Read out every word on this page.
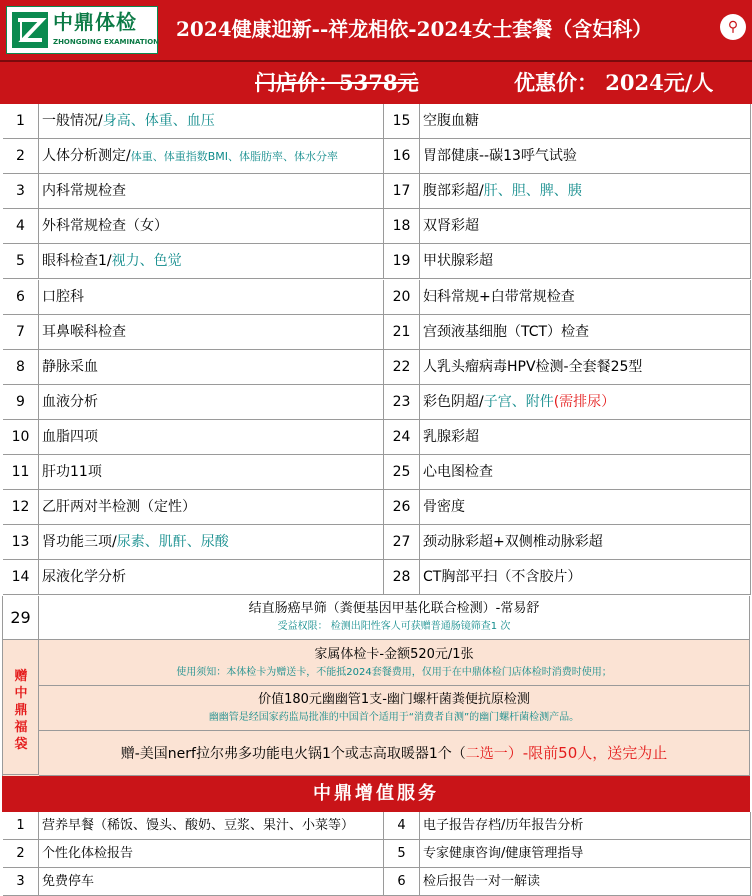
中鼎体检
ZHONGDING EXAMINATION
2024健康迎新--祥龙相依-2024女士套餐（含妇科）	⚲
门店价：5378元	优惠价： 2024元/人
1	一般情况/身高、体重、血压	15 空腹血糖
2	人体分析测定/体重、体重指数BMI、体脂肪率、体水分率	16 胃部健康--碳13呼气试验
3	内科常规检查	17 腹部彩超/肝、胆、脾、胰
4	外科常规检查（女）	18 双肾彩超
5	眼科检查1/视力、色觉	19 甲状腺彩超
6	口腔科	20 妇科常规+白带常规检查
7	耳鼻喉科检查	21 宫颈液基细胞（TCT）检查
8	静脉采血	22 人乳头瘤病毒HPV检测-全套餐25型
9	血液分析	23 彩色阴超/子宫、附件(需排尿）
10 血脂四项	24 乳腺彩超
11 肝功11项	25 心电图检查
12 乙肝两对半检测（定性）	26 骨密度
13 肾功能三项/尿素、肌酐、尿酸	27 颈动脉彩超+双侧椎动脉彩超
14 尿液化学分析	28 CT胸部平扫（不含胶片）
29	结直肠癌早筛（粪便基因甲基化联合检测）-常易舒
受益权限： 检测出阳性客人可获赠普通肠镜筛查1 次
赠中鼎福袋
家属体检卡-金额520元/1张
使用须知：本体检卡为赠送卡，不能抵2024套餐费用，仅用于在中鼎体检门店体检时消费时使用；
价值180元幽幽管1支-幽门螺杆菌粪便抗原检测
幽幽管是经国家药监局批准的中国首个适用于“消费者自测”的幽门螺杆菌检测产品。
赠-美国nerf拉尔弗多功能电火锅1个或志高取暖器1个（二选一）-限前50人，送完为止
中鼎增值服务
1	营养早餐（稀饭、馒头、酸奶、豆浆、果汁、小菜等）	4	电子报告存档/历年报告分析
2	个性化体检报告	5	专家健康咨询/健康管理指导
3	免费停车	6	检后报告一对一解读
